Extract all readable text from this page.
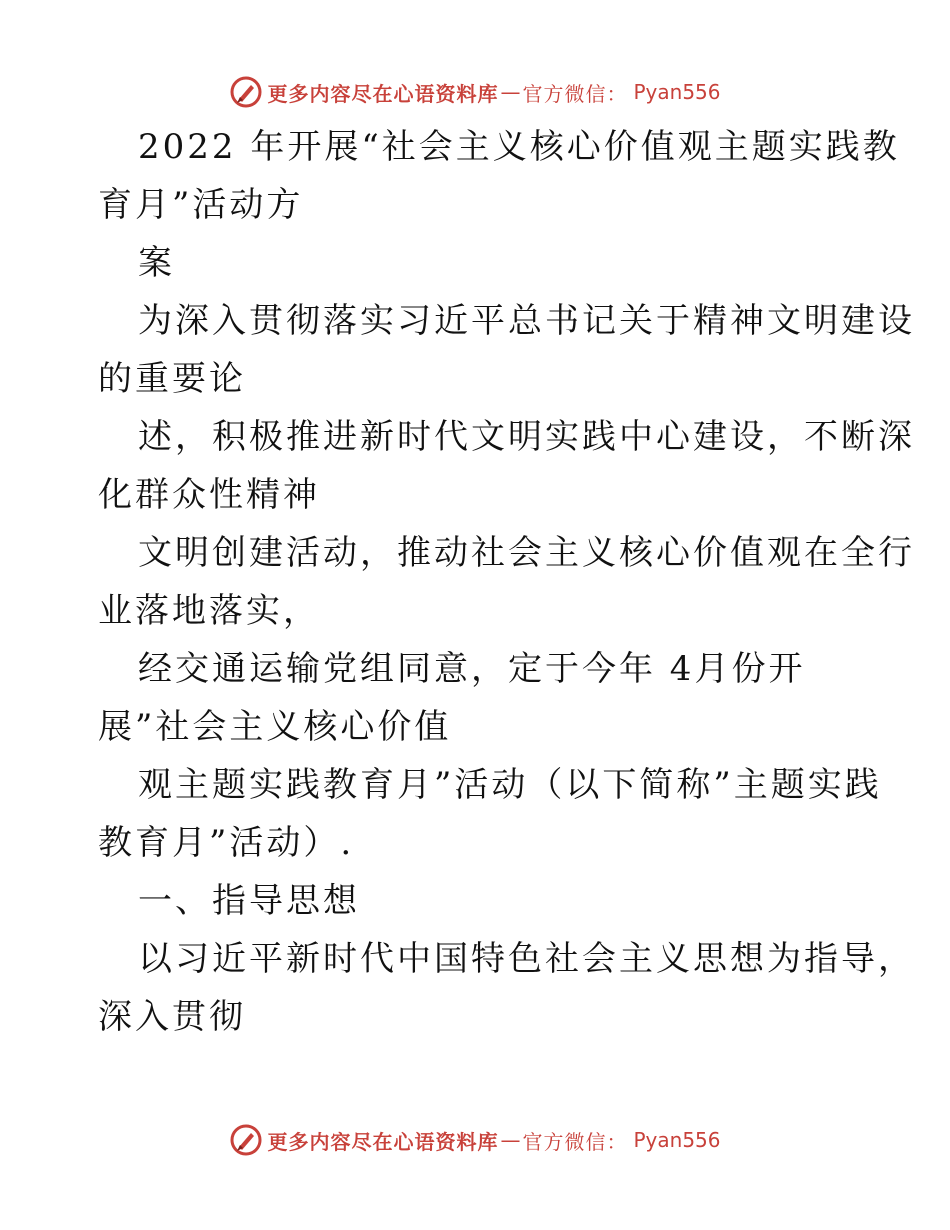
更多内容尽在心语资料库 — 官方微信： Pyan556
2022 年开展“社会主义核心价值观主题实践教
育月”活动方
案
为深入贯彻落实习近平总书记关于精神文明建设
的重要论
述，积极推进新时代文明实践中心建设，不断深
化群众性精神
文明创建活动，推动社会主义核心价值观在全行
业落地落实，
经交通运输党组同意，定于今年 4月份开
展”社会主义核心价值
观主题实践教育月”活动（以下简称”主题实践
教育月”活动）.
一、指导思想
以习近平新时代中国特色社会主义思想为指导，
深入贯彻
更多内容尽在心语资料库 — 官方微信： Pyan556
